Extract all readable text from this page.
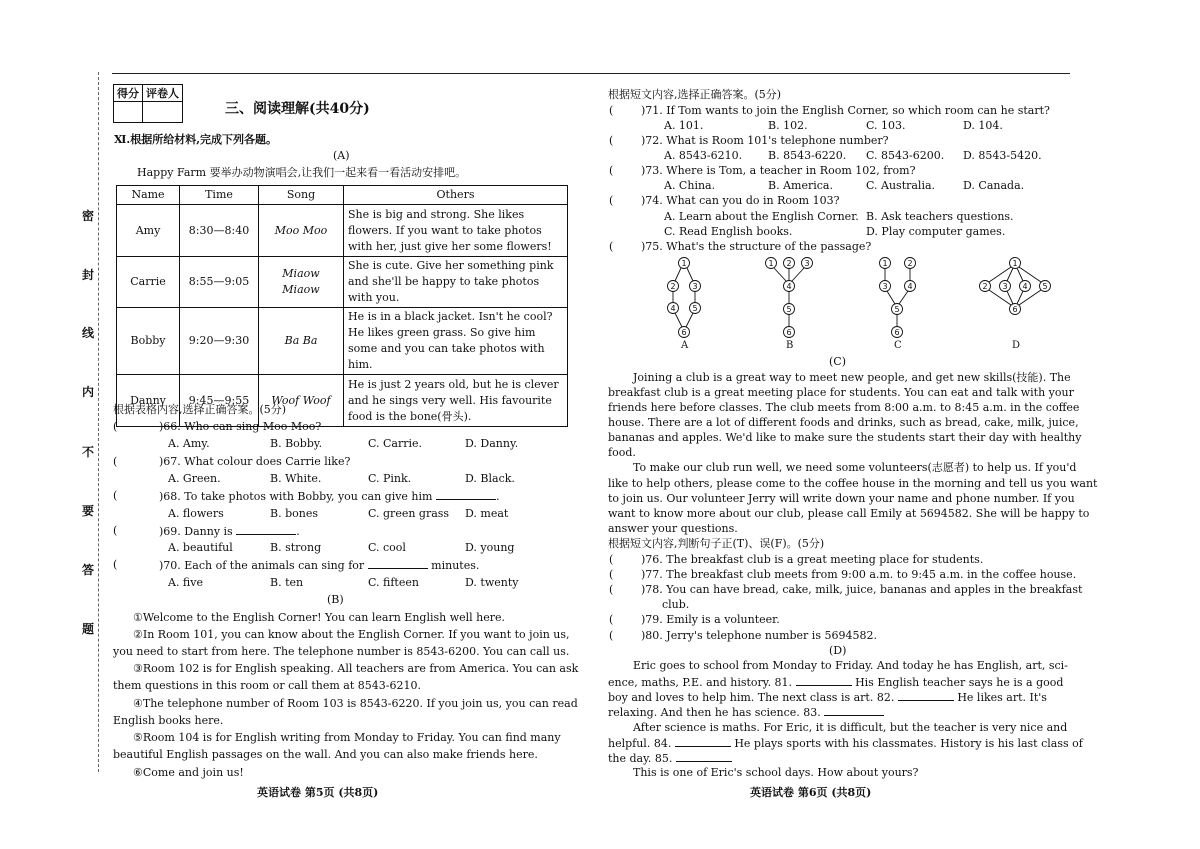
密
封
线
内
不
要
答
题
得分	评卷人

三、阅读理解(共40分)
Ⅺ.根据所给材料,完成下列各题。
(A)
Happy Farm 要举办动物演唱会,让我们一起来看一看活动安排吧。
Name	Time	Song	Others
Amy	8:30—8:40	Moo Moo	She is big and strong. She likes flowers. If you want to take photos with her, just give her some flowers!
Carrie	8:55—9:05	Miaow Miaow	She is cute. Give her something pink and she'll be happy to take photos with you.
Bobby	9:20—9:30	Ba Ba	He is in a black jacket. Isn't he cool? He likes green grass. So give him some and you can take photos with him.
Danny	9:45—9:55	Woof Woof	He is just 2 years old, but he is clever and he sings very well. His favourite food is the bone(骨头).
根据表格内容,选择正确答案。(5分)
(	)66. Who can sing Moo Moo?
A. Amy.	B. Bobby.	C. Carrie.	D. Danny.
(	)67. What colour does Carrie like?
A. Green.	B. White.	C. Pink.	D. Black.
(	)68. To take photos with Bobby, you can give him	.
A. flowers	B. bones	C. green grass D. meat
(	)69. Danny is	.
A. beautiful	B. strong	C. cool	D. young
(	)70. Each of the animals can sing for	minutes.
A. five	B. ten	C. fifteen	D. twenty
(B)
①Welcome to the English Corner! You can learn English well here.
②In Room 101, you can know about the English Corner. If you want to join us,
you need to start from here. The telephone number is 8543-6200. You can call us.
③Room 102 is for English speaking. All teachers are from America. You can ask
them questions in this room or call them at 8543-6210.
④The telephone number of Room 103 is 8543-6220. If you join us, you can read
English books here.
⑤Room 104 is for English writing from Monday to Friday. You can find many
beautiful English passages on the wall. And you can also make friends here.
⑥Come and join us!
英语试卷 第5页 (共8页)
根据短文内容,选择正确答案。(5分)
(	)71. If Tom wants to join the English Corner, so which room can he start?
A. 101.	B. 102.	C. 103.	D. 104.
(	)72. What is Room 101's telephone number?
A. 8543-6210. B. 8543-6220. C. 8543-6200. D. 8543-5420.
(	)73. Where is Tom, a teacher in Room 102, from?
A. China.	B. America.	C. Australia.	D. Canada.
(	)74. What can you do in Room 103?
A. Learn about the English Corner. B. Ask teachers questions.
C. Read English books.	D. Play computer games.
(	)75. What's the structure of the passage?
1
2 3
4 5
6
1 2 3
4
5
6
1 2
3 4
5
6
1
2 3 4 5
6
A	B	C	D
(C)
Joining a club is a great way to meet new people, and get new skills(技能). The
breakfast club is a great meeting place for students. You can eat and talk with your
friends here before classes. The club meets from 8:00 a.m. to 8:45 a.m. in the coffee
house. There are a lot of different foods and drinks, such as bread, cake, milk, juice,
bananas and apples. We'd like to make sure the students start their day with healthy
food.
To make our club run well, we need some volunteers(志愿者) to help us. If you'd
like to help others, please come to the coffee house in the morning and tell us you want
to join us. Our volunteer Jerry will write down your name and phone number. If you
want to know more about our club, please call Emily at 5694582. She will be happy to
answer your questions.
根据短文内容,判断句子正(T)、误(F)。(5分)
(	)76. The breakfast club is a great meeting place for students.
(	)77. The breakfast club meets from 9:00 a.m. to 9:45 a.m. in the coffee house.
(	)78. You can have bread, cake, milk, juice, bananas and apples in the breakfast
club.
(	)79. Emily is a volunteer.
(	)80. Jerry's telephone number is 5694582.
(D)
Eric goes to school from Monday to Friday. And today he has English, art, sci-
ence, maths, P.E. and history. 81.	His English teacher says he is a good
boy and loves to help him. The next class is art. 82.	He likes art. It's
relaxing. And then he has science. 83.
After science is maths. For Eric, it is difficult, but the teacher is very nice and
helpful. 84.	He plays sports with his classmates. History is his last class of
the day. 85.
This is one of Eric's school days. How about yours?
英语试卷 第6页 (共8页)
